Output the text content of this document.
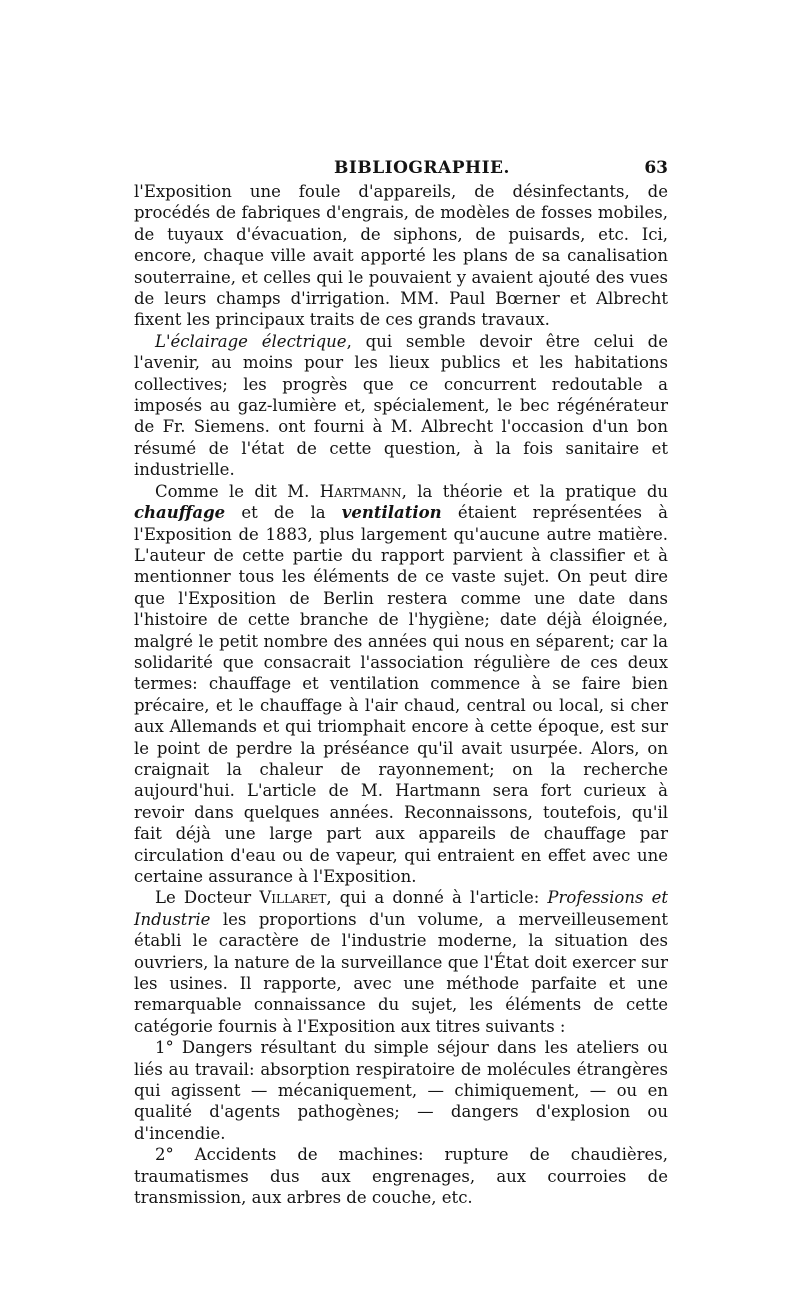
BIBLIOGRAPHIE.	63

l'Exposition une foule d'appareils, de désinfectants, de procédés de fabriques d'engrais, de modèles de fosses mobiles, de tuyaux d'évacuation, de siphons, de puisards, etc. Ici, encore, chaque ville avait apporté les plans de sa canalisation souterraine, et celles qui le pouvaient y avaient ajouté des vues de leurs champs d'irrigation. MM. Paul Bœrner et Albrecht fixent les principaux traits de ces grands travaux.

L'éclairage électrique, qui semble devoir être celui de l'avenir, au moins pour les lieux publics et les habitations collectives; les progrès que ce concurrent redoutable a imposés au gaz-lumière et, spécialement, le bec régénérateur de Fr. Siemens. ont fourni à M. Albrecht l'occasion d'un bon résumé de l'état de cette question, à la fois sanitaire et industrielle.

Comme le dit M. Hartmann, la théorie et la pratique du chauffage et de la ventilation étaient représentées à l'Exposition de 1883, plus largement qu'aucune autre matière. L'auteur de cette partie du rapport parvient à classifier et à mentionner tous les éléments de ce vaste sujet. On peut dire que l'Exposition de Berlin restera comme une date dans l'histoire de cette branche de l'hygiène; date déjà éloignée, malgré le petit nombre des années qui nous en séparent; car la solidarité que consacrait l'association régulière de ces deux termes: chauffage et ventilation commence à se faire bien précaire, et le chauffage à l'air chaud, central ou local, si cher aux Allemands et qui triomphait encore à cette époque, est sur le point de perdre la préséance qu'il avait usurpée. Alors, on craignait la chaleur de rayonnement; on la recherche aujourd'hui. L'article de M. Hartmann sera fort curieux à revoir dans quelques années. Reconnaissons, toutefois, qu'il fait déjà une large part aux appareils de chauffage par circulation d'eau ou de vapeur, qui entraient en effet avec une certaine assurance à l'Exposition.

Le Docteur Villaret, qui a donné à l'article: Professions et Industrie les proportions d'un volume, a merveilleusement établi le caractère de l'industrie moderne, la situation des ouvriers, la nature de la surveillance que l'État doit exercer sur les usines. Il rapporte, avec une méthode parfaite et une remarquable connaissance du sujet, les éléments de cette catégorie fournis à l'Exposition aux titres suivants :

1° Dangers résultant du simple séjour dans les ateliers ou liés au travail: absorption respiratoire de molécules étrangères qui agissent — mécaniquement, — chimiquement, — ou en qualité d'agents pathogènes; — dangers d'explosion ou d'incendie.

2° Accidents de machines: rupture de chaudières, traumatismes dus aux engrenages, aux courroies de transmission, aux arbres de couche, etc.
